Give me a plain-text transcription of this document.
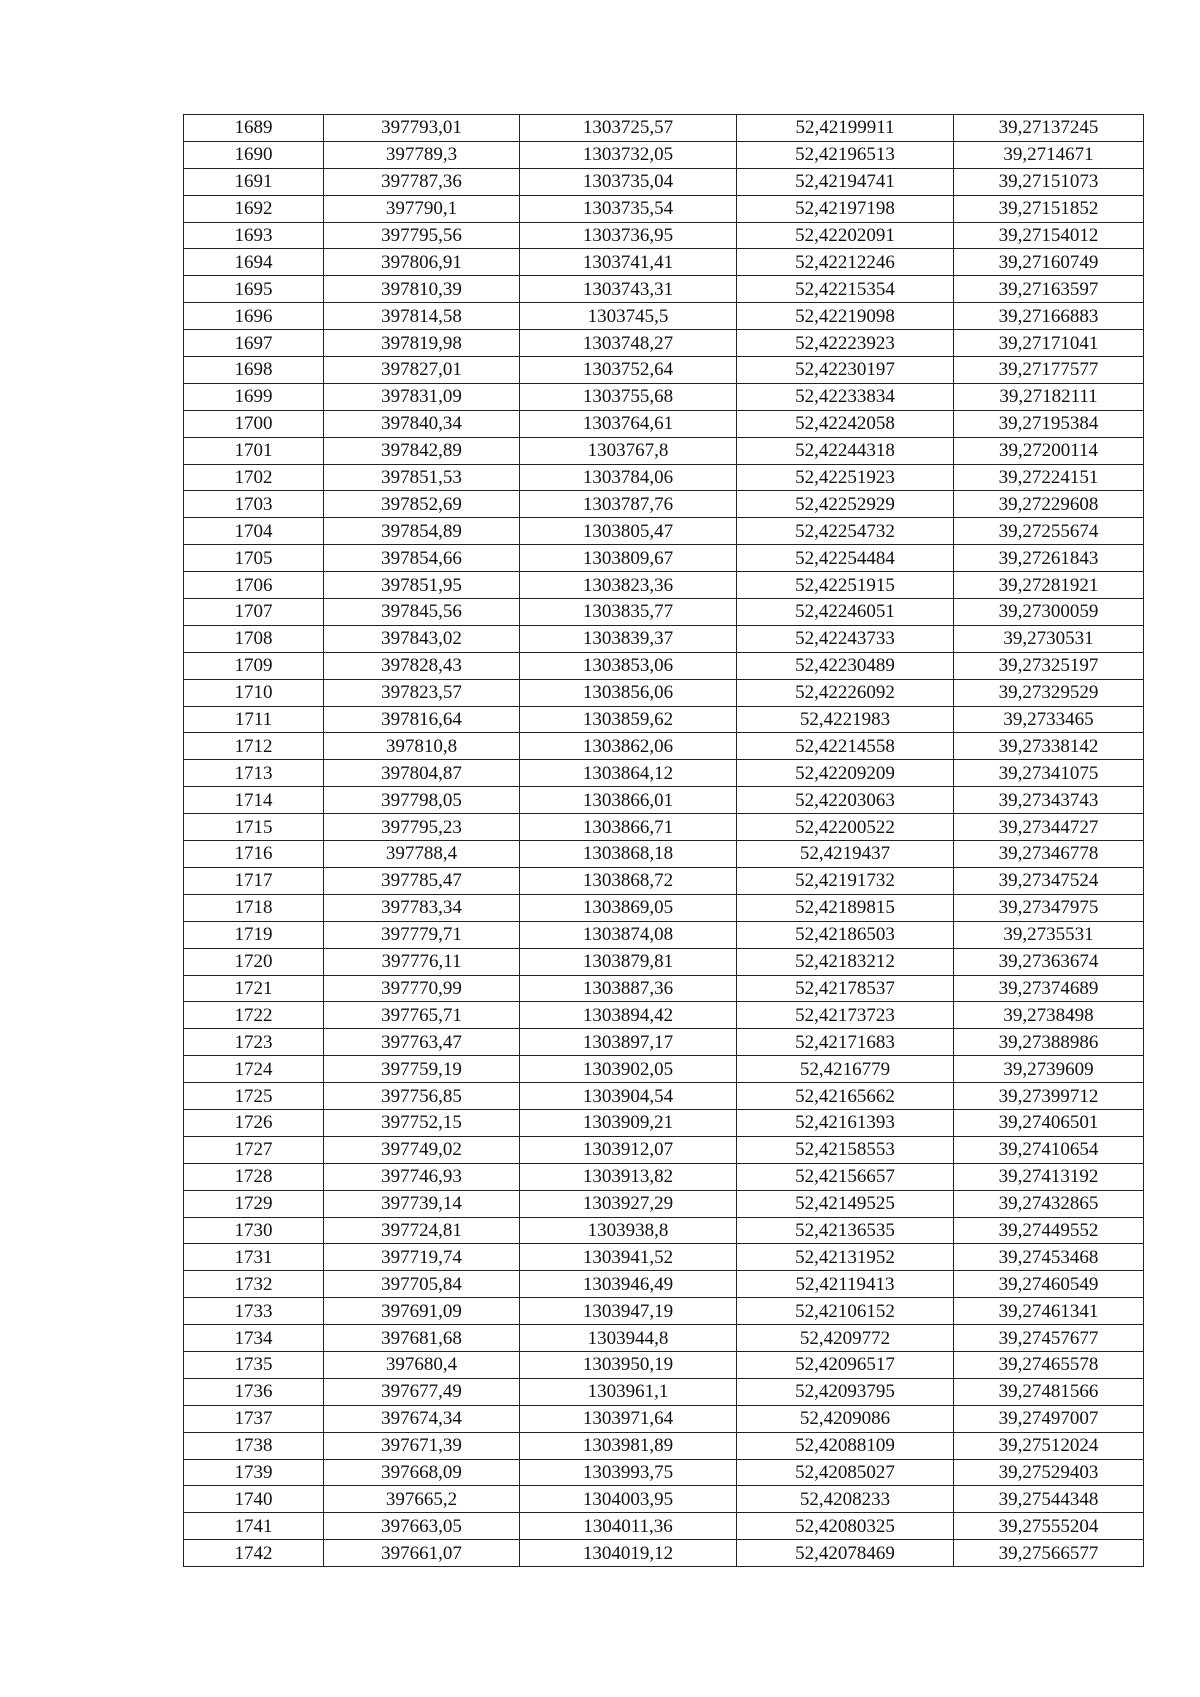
1689	397793,01	1303725,57	52,42199911	39,27137245
1690	397789,3	1303732,05	52,42196513	39,2714671
1691	397787,36	1303735,04	52,42194741	39,27151073
1692	397790,1	1303735,54	52,42197198	39,27151852
1693	397795,56	1303736,95	52,42202091	39,27154012
1694	397806,91	1303741,41	52,42212246	39,27160749
1695	397810,39	1303743,31	52,42215354	39,27163597
1696	397814,58	1303745,5	52,42219098	39,27166883
1697	397819,98	1303748,27	52,42223923	39,27171041
1698	397827,01	1303752,64	52,42230197	39,27177577
1699	397831,09	1303755,68	52,42233834	39,27182111
1700	397840,34	1303764,61	52,42242058	39,27195384
1701	397842,89	1303767,8	52,42244318	39,27200114
1702	397851,53	1303784,06	52,42251923	39,27224151
1703	397852,69	1303787,76	52,42252929	39,27229608
1704	397854,89	1303805,47	52,42254732	39,27255674
1705	397854,66	1303809,67	52,42254484	39,27261843
1706	397851,95	1303823,36	52,42251915	39,27281921
1707	397845,56	1303835,77	52,42246051	39,27300059
1708	397843,02	1303839,37	52,42243733	39,2730531
1709	397828,43	1303853,06	52,42230489	39,27325197
1710	397823,57	1303856,06	52,42226092	39,27329529
1711	397816,64	1303859,62	52,4221983	39,2733465
1712	397810,8	1303862,06	52,42214558	39,27338142
1713	397804,87	1303864,12	52,42209209	39,27341075
1714	397798,05	1303866,01	52,42203063	39,27343743
1715	397795,23	1303866,71	52,42200522	39,27344727
1716	397788,4	1303868,18	52,4219437	39,27346778
1717	397785,47	1303868,72	52,42191732	39,27347524
1718	397783,34	1303869,05	52,42189815	39,27347975
1719	397779,71	1303874,08	52,42186503	39,2735531
1720	397776,11	1303879,81	52,42183212	39,27363674
1721	397770,99	1303887,36	52,42178537	39,27374689
1722	397765,71	1303894,42	52,42173723	39,2738498
1723	397763,47	1303897,17	52,42171683	39,27388986
1724	397759,19	1303902,05	52,4216779	39,2739609
1725	397756,85	1303904,54	52,42165662	39,27399712
1726	397752,15	1303909,21	52,42161393	39,27406501
1727	397749,02	1303912,07	52,42158553	39,27410654
1728	397746,93	1303913,82	52,42156657	39,27413192
1729	397739,14	1303927,29	52,42149525	39,27432865
1730	397724,81	1303938,8	52,42136535	39,27449552
1731	397719,74	1303941,52	52,42131952	39,27453468
1732	397705,84	1303946,49	52,42119413	39,27460549
1733	397691,09	1303947,19	52,42106152	39,27461341
1734	397681,68	1303944,8	52,4209772	39,27457677
1735	397680,4	1303950,19	52,42096517	39,27465578
1736	397677,49	1303961,1	52,42093795	39,27481566
1737	397674,34	1303971,64	52,4209086	39,27497007
1738	397671,39	1303981,89	52,42088109	39,27512024
1739	397668,09	1303993,75	52,42085027	39,27529403
1740	397665,2	1304003,95	52,4208233	39,27544348
1741	397663,05	1304011,36	52,42080325	39,27555204
1742	397661,07	1304019,12	52,42078469	39,27566577
